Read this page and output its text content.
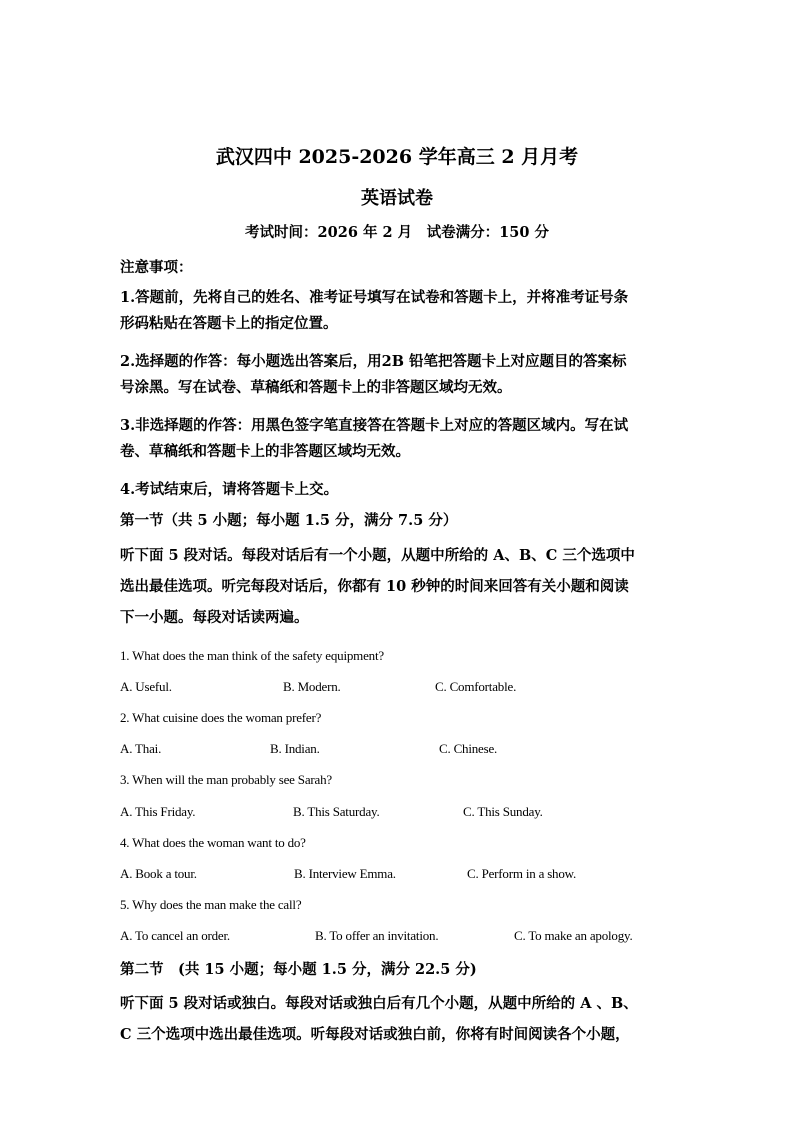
武汉四中 2025-2026 学年高三 2 月月考
英语试卷
考试时间：2026 年 2 月　试卷满分：150 分
注意事项：
1.答题前，先将自己的姓名、准考证号填写在试卷和答题卡上，并将准考证号条
形码粘贴在答题卡上的指定位置。
2.选择题的作答：每小题选出答案后，用2B 铅笔把答题卡上对应题目的答案标
号涂黑。写在试卷、草稿纸和答题卡上的非答题区域均无效。
3.非选择题的作答：用黑色签字笔直接答在答题卡上对应的答题区域内。写在试
卷、草稿纸和答题卡上的非答题区域均无效。
4.考试结束后，请将答题卡上交。
第一节（共 5 小题；每小题 1.5 分，满分 7.5 分）
听下面 5 段对话。每段对话后有一个小题，从题中所给的 A、B、C 三个选项中
选出最佳选项。听完每段对话后，你都有 10 秒钟的时间来回答有关小题和阅读
下一小题。每段对话读两遍。
1. What does the man think of the safety equipment?
A. Useful.	B. Modern.	C. Comfortable.
2. What cuisine does the woman prefer?
A. Thai.	B. Indian.	C. Chinese.
3. When will the man probably see Sarah?
A. This Friday.	B. This Saturday.	C. This Sunday.
4. What does the woman want to do?
A. Book a tour.	B. Interview Emma.	C. Perform in a show.
5. Why does the man make the call?
A. To cancel an order.	B. To offer an invitation.	C. To make an apology.
第二节　(共 15 小题；每小题 1.5 分，满分 22.5 分)
听下面 5 段对话或独白。每段对话或独白后有几个小题，从题中所给的 A 、B、
C 三个选项中选出最佳选项。听每段对话或独白前，你将有时间阅读各个小题，
